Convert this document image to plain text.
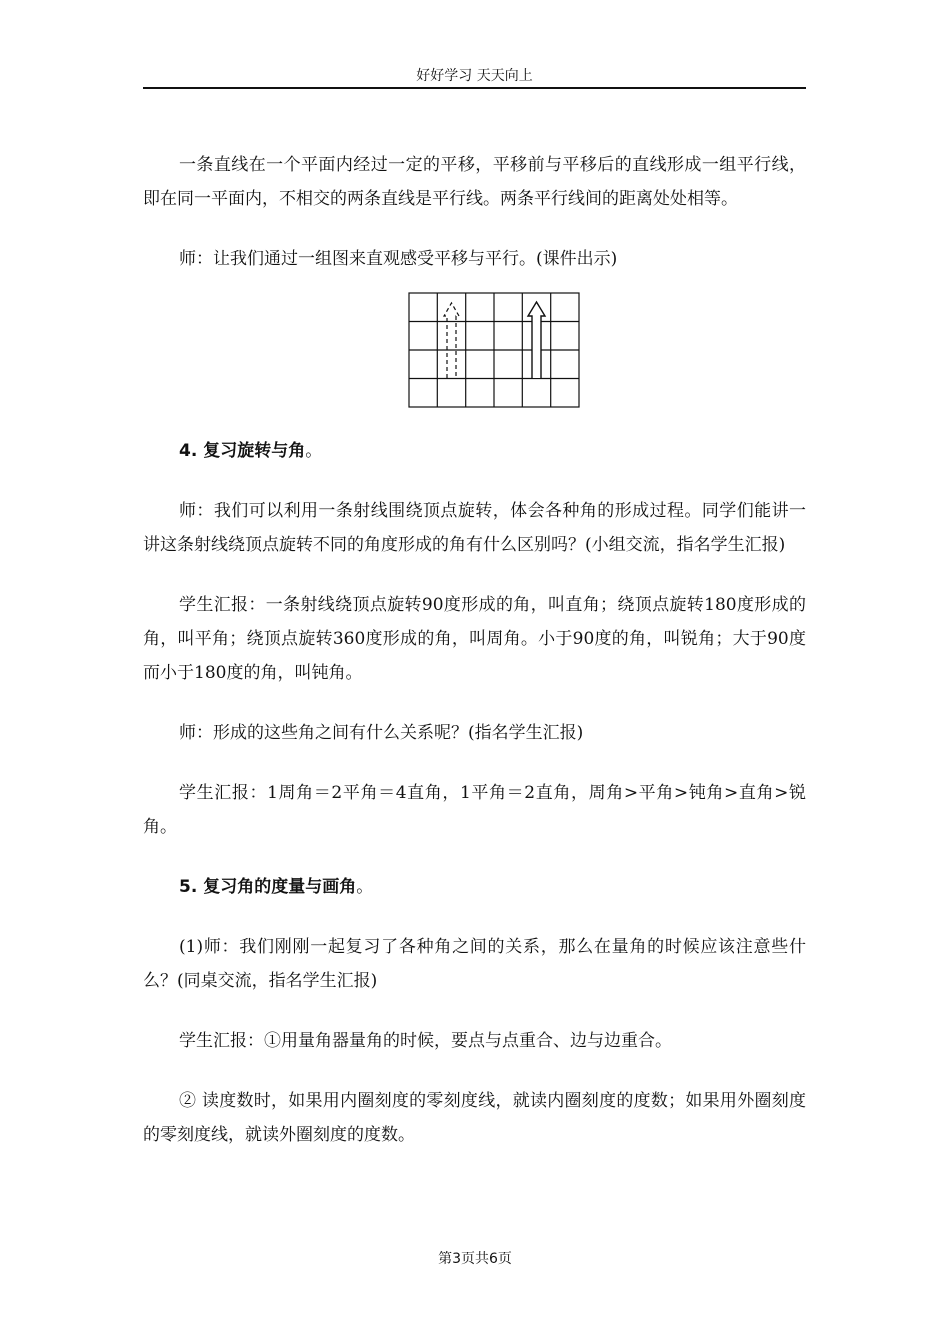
好好学习 天天向上

一条直线在一个平面内经过一定的平移，平移前与平移后的直线形成一组平行线，即在同一平面内，不相交的两条直线是平行线。两条平行线间的距离处处相等。

师：让我们通过一组图来直观感受平移与平行。(课件出示)

4. 复习旋转与角。

师：我们可以利用一条射线围绕顶点旋转，体会各种角的形成过程。同学们能讲一讲这条射线绕顶点旋转不同的角度形成的角有什么区别吗？(小组交流，指名学生汇报)

学生汇报：一条射线绕顶点旋转90度形成的角，叫直角；绕顶点旋转180度形成的角，叫平角；绕顶点旋转360度形成的角，叫周角。小于90度的角，叫锐角；大于90度而小于180度的角，叫钝角。

师：形成的这些角之间有什么关系呢？(指名学生汇报)

学生汇报：1周角＝2平角＝4直角，1平角＝2直角，周角>平角>钝角>直角>锐角。

5. 复习角的度量与画角。

(1)师：我们刚刚一起复习了各种角之间的关系，那么在量角的时候应该注意些什么？(同桌交流，指名学生汇报)

学生汇报：①用量角器量角的时候，要点与点重合、边与边重合。

② 读度数时，如果用内圈刻度的零刻度线，就读内圈刻度的度数；如果用外圈刻度的零刻度线，就读外圈刻度的度数。

第3页共6页
